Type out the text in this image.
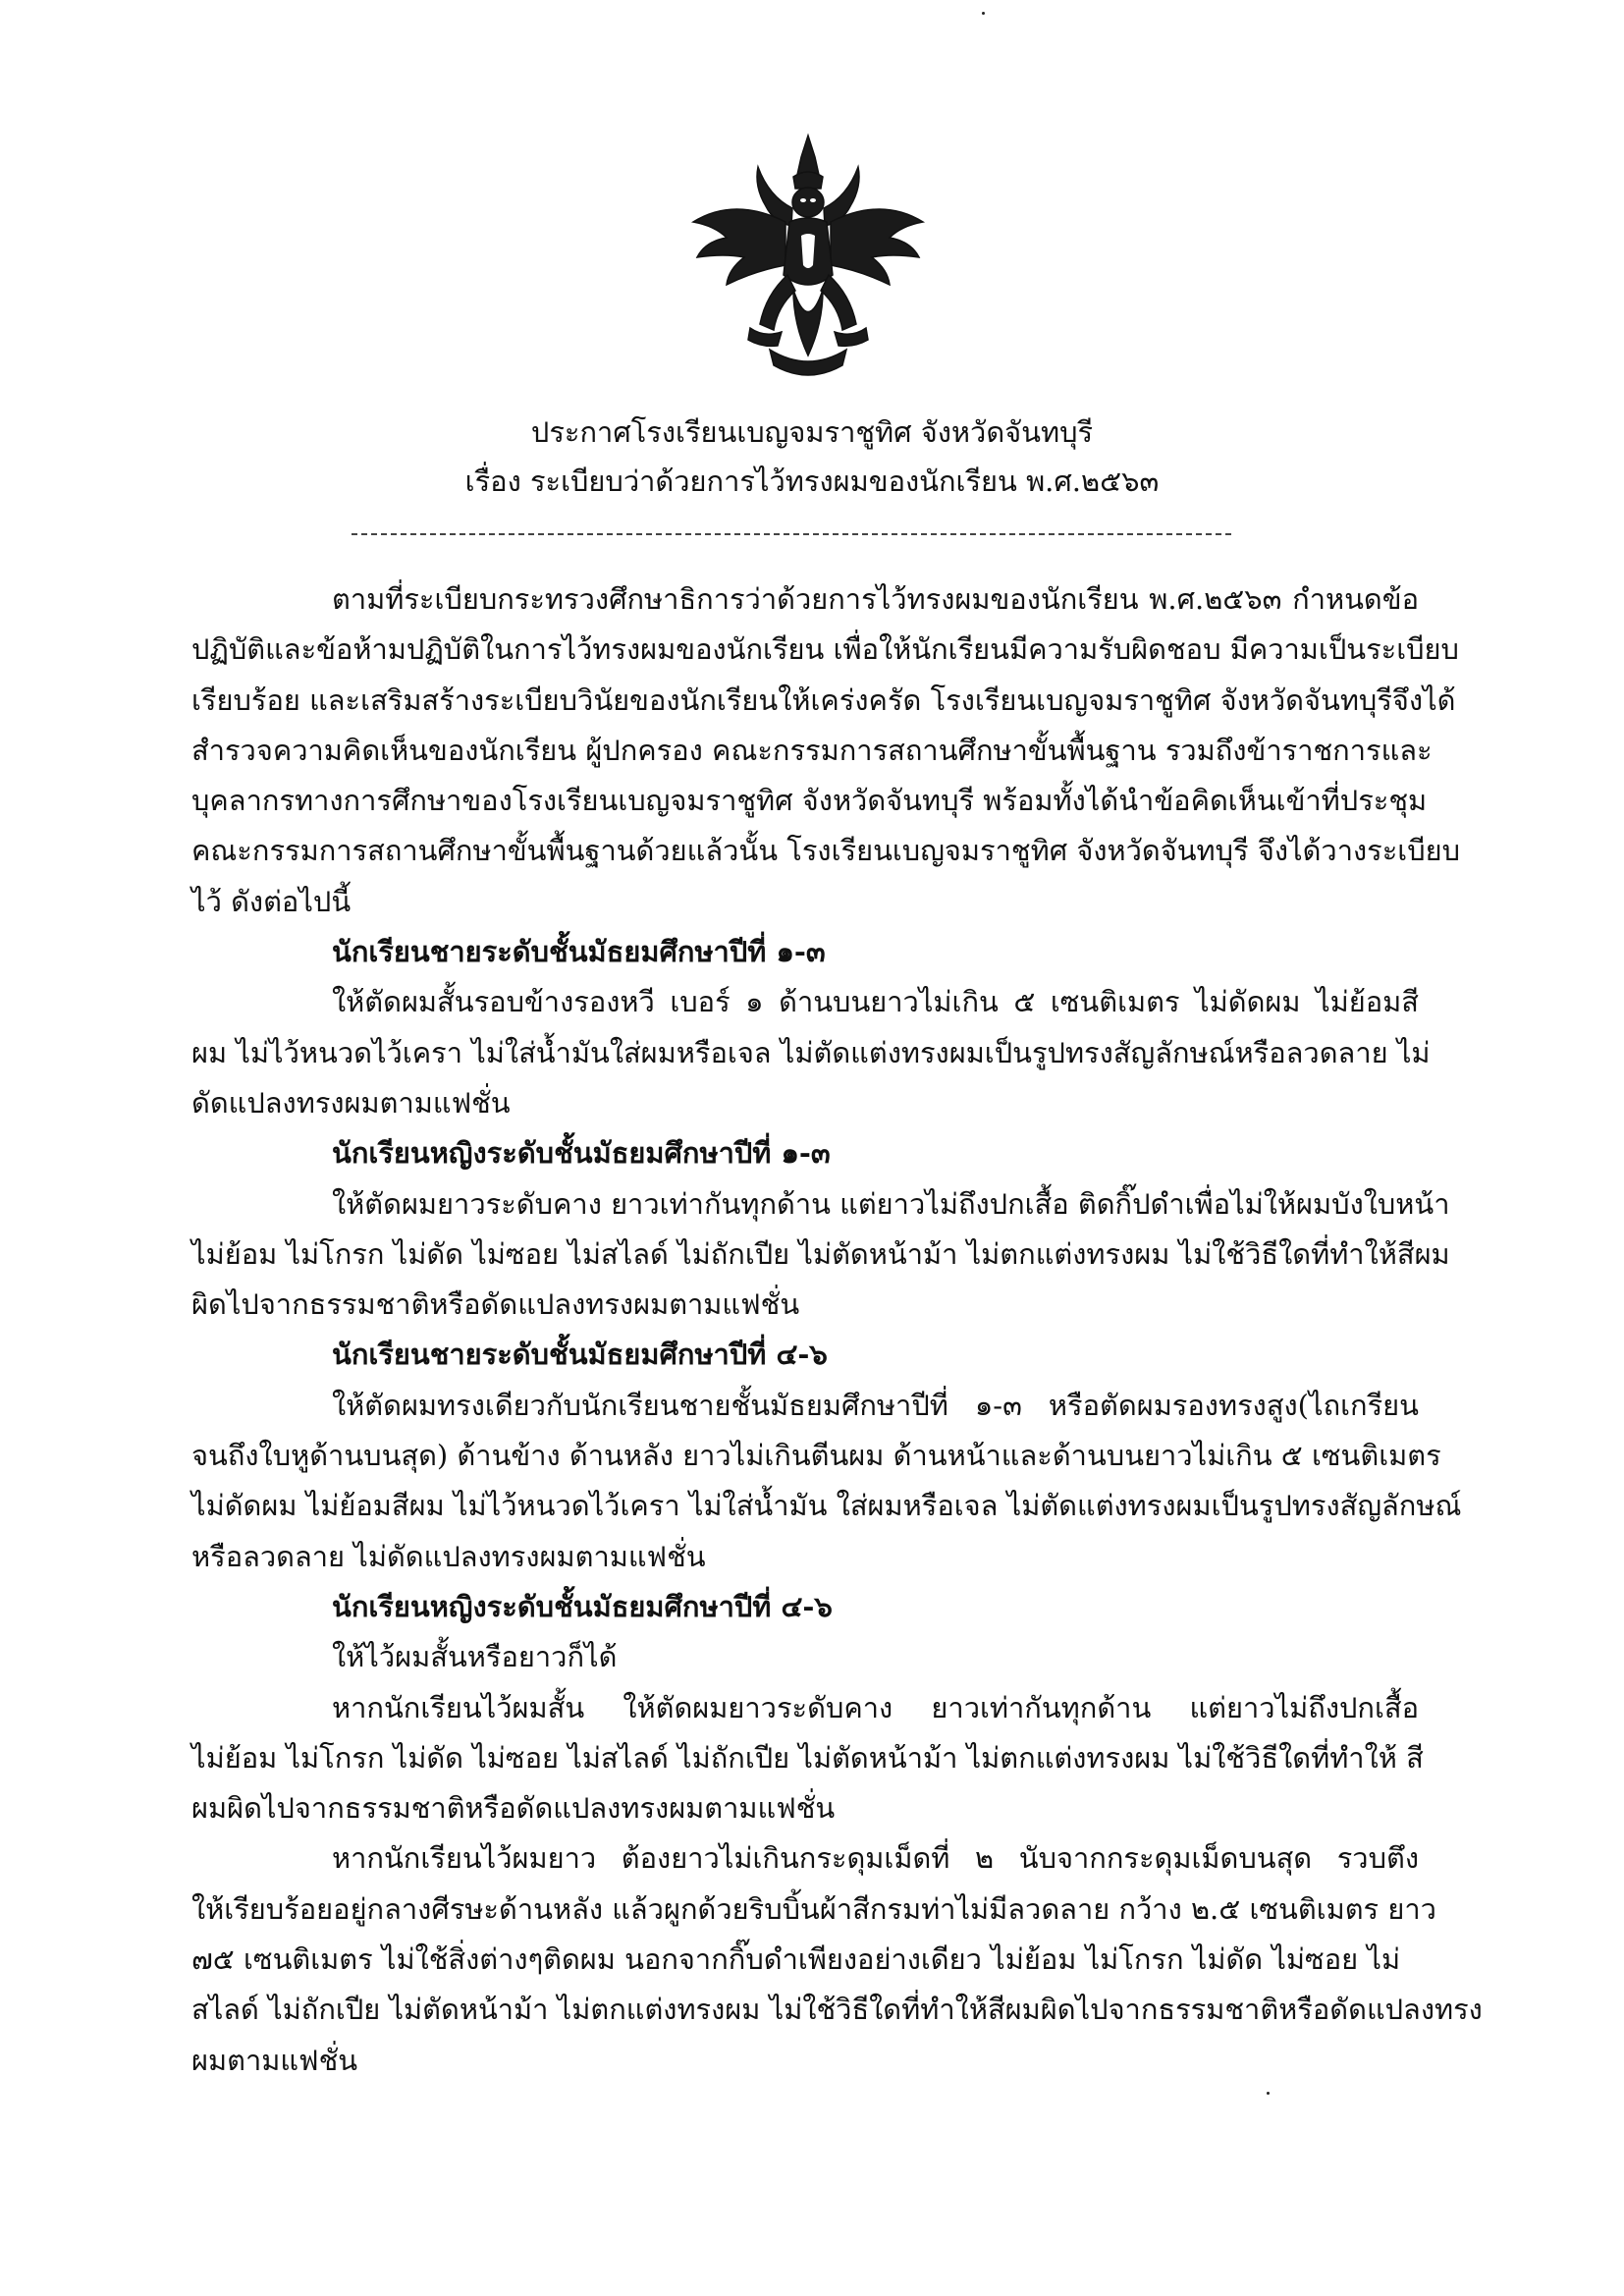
ประกาศโรงเรียนเบญจมราชูทิศ จังหวัดจันทบุรี
เรื่อง ระเบียบว่าด้วยการไว้ทรงผมของนักเรียน พ.ศ.๒๕๖๓
ตามที่ระเบียบกระทรวงศึกษาธิการว่าด้วยการไว้ทรงผมของนักเรียน พ.ศ.๒๕๖๓ กำหนดข้อ
ปฏิบัติและข้อห้ามปฏิบัติในการไว้ทรงผมของนักเรียน เพื่อให้นักเรียนมีความรับผิดชอบ มีความเป็นระเบียบ
เรียบร้อย และเสริมสร้างระเบียบวินัยของนักเรียนให้เคร่งครัด โรงเรียนเบญจมราชูทิศ จังหวัดจันทบุรีจึงได้
สำรวจความคิดเห็นของนักเรียน ผู้ปกครอง คณะกรรมการสถานศึกษาขั้นพื้นฐาน รวมถึงข้าราชการและ
บุคลากรทางการศึกษาของโรงเรียนเบญจมราชูทิศ จังหวัดจันทบุรี พร้อมทั้งได้นำข้อคิดเห็นเข้าที่ประชุม
คณะกรรมการสถานศึกษาขั้นพื้นฐานด้วยแล้วนั้น โรงเรียนเบญจมราชูทิศ จังหวัดจันทบุรี จึงได้วางระเบียบ
ไว้ ดังต่อไปนี้
นักเรียนชายระดับชั้นมัธยมศึกษาปีที่ ๑-๓
ให้ตัดผมสั้นรอบข้างรองหวี เบอร์ ๑ ด้านบนยาวไม่เกิน ๕ เซนติเมตร ไม่ดัดผม ไม่ย้อมสี
ผม ไม่ไว้หนวดไว้เครา ไม่ใส่น้ำมันใส่ผมหรือเจล ไม่ตัดแต่งทรงผมเป็นรูปทรงสัญลักษณ์หรือลวดลาย ไม่
ดัดแปลงทรงผมตามแฟชั่น
นักเรียนหญิงระดับชั้นมัธยมศึกษาปีที่ ๑-๓
ให้ตัดผมยาวระดับคาง ยาวเท่ากันทุกด้าน แต่ยาวไม่ถึงปกเสื้อ ติดกิ๊ปดำเพื่อไม่ให้ผมบังใบหน้า
ไม่ย้อม ไม่โกรก ไม่ดัด ไม่ซอย ไม่สไลด์ ไม่ถักเปีย ไม่ตัดหน้าม้า ไม่ตกแต่งทรงผม ไม่ใช้วิธีใดที่ทำให้สีผม
ผิดไปจากธรรมชาติหรือดัดแปลงทรงผมตามแฟชั่น
นักเรียนชายระดับชั้นมัธยมศึกษาปีที่ ๔-๖
ให้ตัดผมทรงเดียวกับนักเรียนชายชั้นมัธยมศึกษาปีที่ ๑-๓ หรือตัดผมรองทรงสูง(ไถเกรียน
จนถึงใบหูด้านบนสุด) ด้านข้าง ด้านหลัง ยาวไม่เกินตีนผม ด้านหน้าและด้านบนยาวไม่เกิน ๕ เซนติเมตร
ไม่ดัดผม ไม่ย้อมสีผม ไม่ไว้หนวดไว้เครา ไม่ใส่น้ำมัน ใส่ผมหรือเจล ไม่ตัดแต่งทรงผมเป็นรูปทรงสัญลักษณ์
หรือลวดลาย ไม่ดัดแปลงทรงผมตามแฟชั่น
นักเรียนหญิงระดับชั้นมัธยมศึกษาปีที่ ๔-๖
ให้ไว้ผมสั้นหรือยาวก็ได้
หากนักเรียนไว้ผมสั้น ให้ตัดผมยาวระดับคาง ยาวเท่ากันทุกด้าน แต่ยาวไม่ถึงปกเสื้อ
ไม่ย้อม ไม่โกรก ไม่ดัด ไม่ซอย ไม่สไลด์ ไม่ถักเปีย ไม่ตัดหน้าม้า ไม่ตกแต่งทรงผม ไม่ใช้วิธีใดที่ทำให้ สี
ผมผิดไปจากธรรมชาติหรือดัดแปลงทรงผมตามแฟชั่น
หากนักเรียนไว้ผมยาว ต้องยาวไม่เกินกระดุมเม็ดที่ ๒ นับจากกระดุมเม็ดบนสุด รวบตึง
ให้เรียบร้อยอยู่กลางศีรษะด้านหลัง แล้วผูกด้วยริบบิ้นผ้าสีกรมท่าไม่มีลวดลาย กว้าง ๒.๕ เซนติเมตร ยาว
๗๕ เซนติเมตร ไม่ใช้สิ่งต่างๆติดผม นอกจากกิ๊บดำเพียงอย่างเดียว ไม่ย้อม ไม่โกรก ไม่ดัด ไม่ซอย ไม่
สไลด์ ไม่ถักเปีย ไม่ตัดหน้าม้า ไม่ตกแต่งทรงผม ไม่ใช้วิธีใดที่ทำให้สีผมผิดไปจากธรรมชาติหรือดัดแปลงทรง
ผมตามแฟชั่น
